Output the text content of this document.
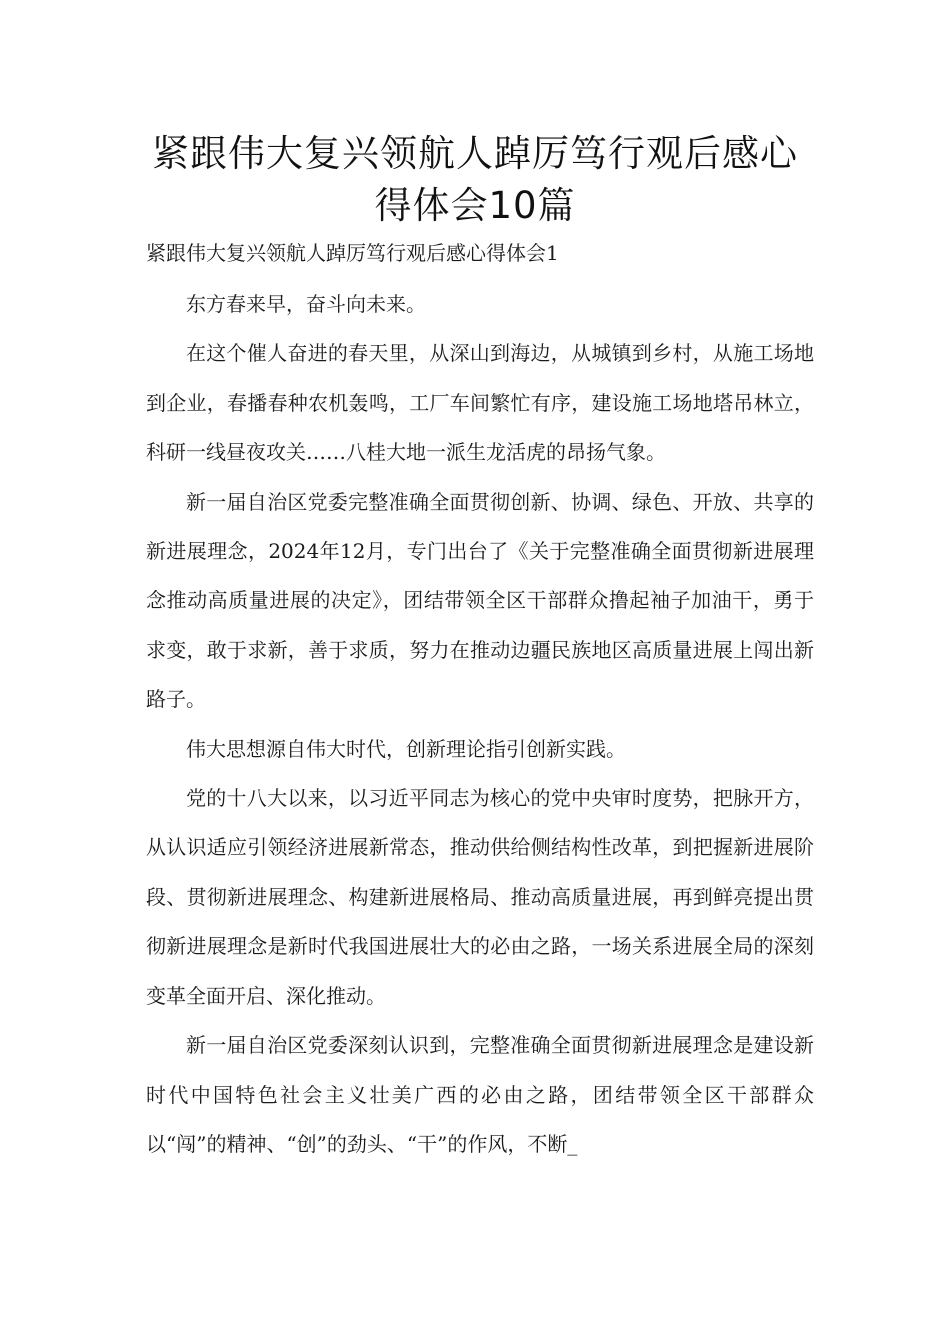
紧跟伟大复兴领航人踔厉笃行观后感心
得体会10篇
紧跟伟大复兴领航人踔厉笃行观后感心得体会1

东方春来早，奋斗向未来。

在这个催人奋进的春天里，从深山到海边，从城镇到乡村，从施工场地到企业，春播春种农机轰鸣，工厂车间繁忙有序，建设施工场地塔吊林立，科研一线昼夜攻关……八桂大地一派生龙活虎的昂扬气象。

新一届自治区党委完整准确全面贯彻创新、协调、绿色、开放、共享的新进展理念，2024年12月，专门出台了《关于完整准确全面贯彻新进展理念推动高质量进展的决定》，团结带领全区干部群众撸起袖子加油干，勇于求变，敢于求新，善于求质，努力在推动边疆民族地区高质量进展上闯出新路子。

伟大思想源自伟大时代，创新理论指引创新实践。

党的十八大以来，以习近平同志为核心的党中央审时度势，把脉开方，从认识适应引领经济进展新常态，推动供给侧结构性改革，到把握新进展阶段、贯彻新进展理念、构建新进展格局、推动高质量进展，再到鲜亮提出贯彻新进展理念是新时代我国进展壮大的必由之路，一场关系进展全局的深刻变革全面开启、深化推动。

新一届自治区党委深刻认识到，完整准确全面贯彻新进展理念是建设新时代中国特色社会主义壮美广西的必由之路，团结带领全区干部群众以“闯”的精神、“创”的劲头、“干”的作风，不断_
